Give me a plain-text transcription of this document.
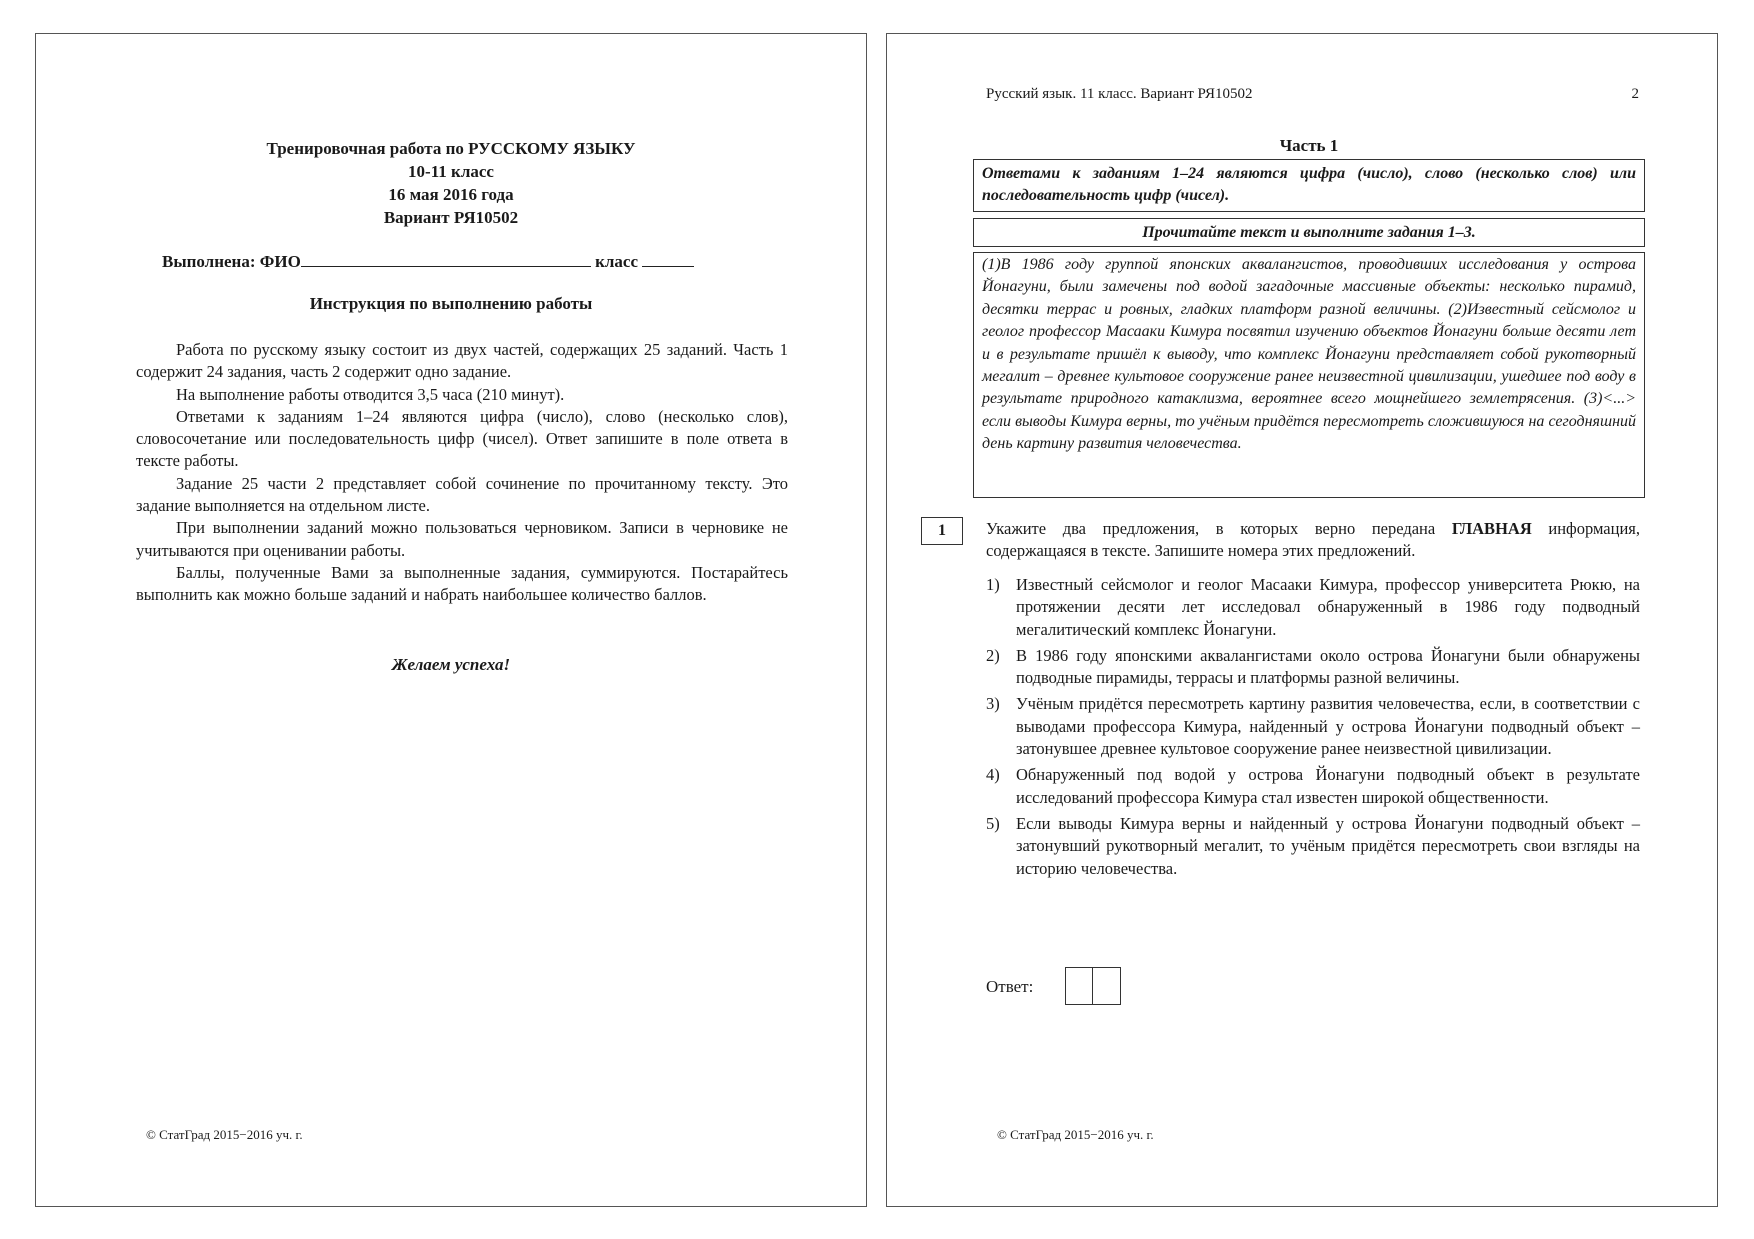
Тренировочная работа по РУССКОМУ ЯЗЫКУ
10-11 класс
16 мая 2016 года
Вариант РЯ10502
Выполнена: ФИО	класс
Инструкция по выполнению работы

Работа по русскому языку состоит из двух частей, содержащих 25 заданий. Часть 1 содержит 24 задания, часть 2 содержит одно задание.

На выполнение работы отводится 3,5 часа (210 минут).

Ответами к заданиям 1–24 являются цифра (число), слово (несколько слов), словосочетание или последовательность цифр (чисел). Ответ запишите в поле ответа в тексте работы.

Задание 25 части 2 представляет собой сочинение по прочитанному тексту. Это задание выполняется на отдельном листе.

При выполнении заданий можно пользоваться черновиком. Записи в черновике не учитываются при оценивании работы.

Баллы, полученные Вами за выполненные задания, суммируются. Постарайтесь выполнить как можно больше заданий и набрать наибольшее количество баллов.

Желаем успеха!
© СтатГрад 2015−2016 уч. г.
Русский язык. 11 класс. Вариант РЯ10502	2
Часть 1
Ответами к заданиям 1–24 являются цифра (число), слово (несколько слов) или последовательность цифр (чисел).
Прочитайте текст и выполните задания 1–3.
(1)В 1986 году группой японских аквалангистов, проводивших исследования у острова Йонагуни, были замечены под водой загадочные массивные объекты: несколько пирамид, десятки террас и ровных, гладких платформ разной величины. (2)Известный сейсмолог и геолог профессор Масааки Кимура посвятил изучению объектов Йонагуни больше десяти лет и в результате пришёл к выводу, что комплекс Йонагуни представляет собой рукотворный мегалит – древнее культовое сооружение ранее неизвестной цивилизации, ушедшее под воду в результате природного катаклизма, вероятнее всего мощнейшего землетрясения. (3)<...> если выводы Кимура верны, то учёным придётся пересмотреть сложившуюся на сегодняшний день картину развития человечества.
1	Укажите два предложения, в которых верно передана ГЛАВНАЯ информация, содержащаяся в тексте. Запишите номера этих предложений.
1) Известный сейсмолог и геолог Масааки Кимура, профессор университета Рюкю, на протяжении десяти лет исследовал обнаруженный в 1986 году подводный мегалитический комплекс Йонагуни.
2) В 1986 году японскими аквалангистами около острова Йонагуни были обнаружены подводные пирамиды, террасы и платформы разной величины.
3) Учёным придётся пересмотреть картину развития человечества, если, в соответствии с выводами профессора Кимура, найденный у острова Йонагуни подводный объект – затонувшее древнее культовое сооружение ранее неизвестной цивилизации.
4) Обнаруженный под водой у острова Йонагуни подводный объект в результате исследований профессора Кимура стал известен широкой общественности.
5) Если выводы Кимура верны и найденный у острова Йонагуни подводный объект – затонувший рукотворный мегалит, то учёным придётся пересмотреть свои взгляды на историю человечества.
Ответ:
© СтатГрад 2015−2016 уч. г.
